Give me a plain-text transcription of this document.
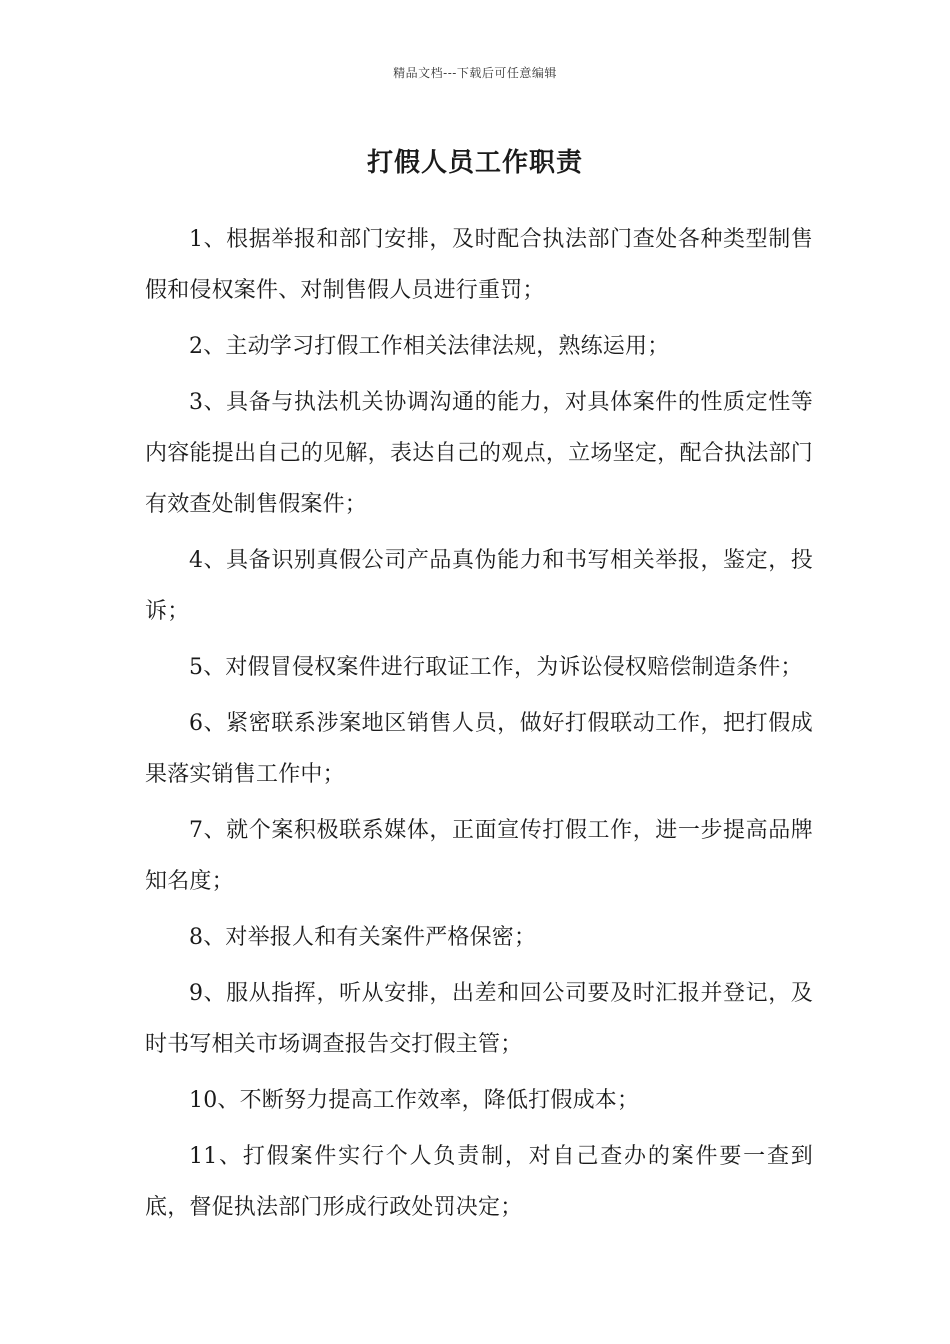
精品文档---下载后可任意编辑
打假人员工作职责

1、根据举报和部门安排，及时配合执法部门查处各种类型制售假和侵权案件、对制售假人员进行重罚；

2、主动学习打假工作相关法律法规，熟练运用；

3、具备与执法机关协调沟通的能力，对具体案件的性质定性等内容能提出自己的见解，表达自己的观点，立场坚定，配合执法部门有效查处制售假案件；

4、具备识别真假公司产品真伪能力和书写相关举报，鉴定，投诉；

5、对假冒侵权案件进行取证工作，为诉讼侵权赔偿制造条件；

6、紧密联系涉案地区销售人员，做好打假联动工作，把打假成果落实销售工作中；

7、就个案积极联系媒体，正面宣传打假工作，进一步提高品牌知名度；

8、对举报人和有关案件严格保密；

9、服从指挥，听从安排，出差和回公司要及时汇报并登记，及时书写相关市场调查报告交打假主管；

10、不断努力提高工作效率，降低打假成本；

11、打假案件实行个人负责制，对自己查办的案件要一查到底，督促执法部门形成行政处罚决定；
